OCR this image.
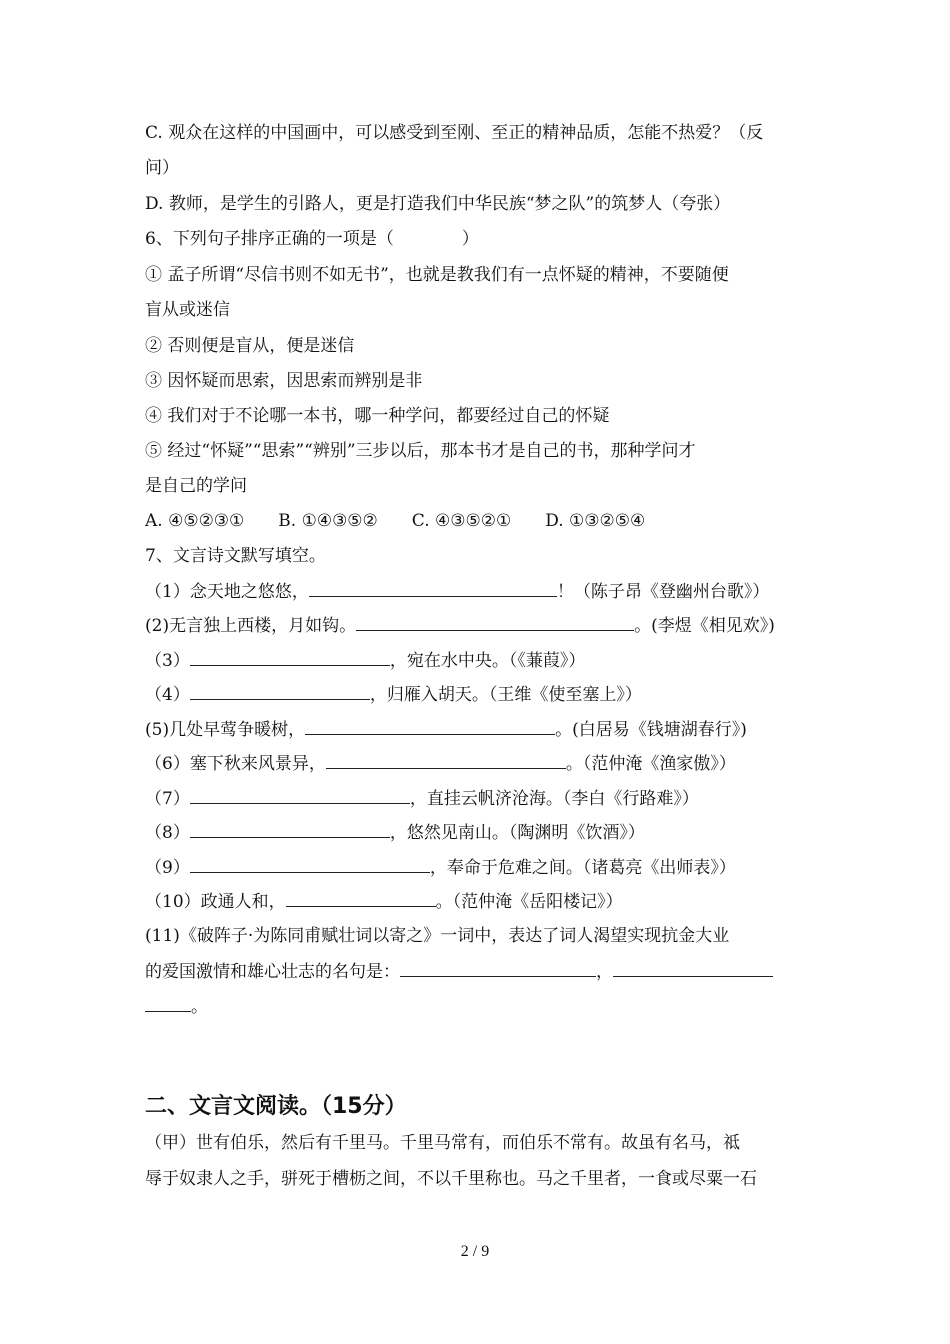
C. 观众在这样的中国画中，可以感受到至刚、至正的精神品质，怎能不热爱？（反
问）
D. 教师，是学生的引路人，更是打造我们中华民族“梦之队”的筑梦人（夸张）
6、下列句子排序正确的一项是（　　　　）
① 孟子所谓“尽信书则不如无书”，也就是教我们有一点怀疑的精神，不要随便
盲从或迷信
② 否则便是盲从，便是迷信
③ 因怀疑而思索，因思索而辨别是非
④ 我们对于不论哪一本书，哪一种学问，都要经过自己的怀疑
⑤ 经过“怀疑”“思索”“辨别”三步以后，那本书才是自己的书，那种学问才
是自己的学问
A. ④⑤②③①　　B. ①④③⑤②　　C. ④③⑤②①　　D. ①③②⑤④
7、文言诗文默写填空。
（1）念天地之悠悠，	！（陈子昂《登幽州台歌》）
(2)无言独上西楼，月如钩。	。(李煜《相见欢》)
（3）	，宛在水中央。（《蒹葭》）
（4）	，归雁入胡天。（王维《使至塞上》）
(5)几处早莺争暖树，	。(白居易《钱塘湖春行》)
（6）塞下秋来风景异，	。（范仲淹《渔家傲》）
（7）	，直挂云帆济沧海。（李白《行路难》）
（8）	，悠然见南山。（陶渊明《饮酒》）
（9）	，奉命于危难之间。（诸葛亮《出师表》）
（10）政通人和，	。（范仲淹《岳阳楼记》）
(11)《破阵子·为陈同甫赋壮词以寄之》一词中，表达了词人渴望实现抗金大业
的爱国激情和雄心壮志的名句是：	，
。
二、文言文阅读。（15分）
（甲）世有伯乐，然后有千里马。千里马常有，而伯乐不常有。故虽有名马，祗
辱于奴隶人之手，骈死于槽枥之间，不以千里称也。马之千里者，一食或尽粟一石
2 / 9
